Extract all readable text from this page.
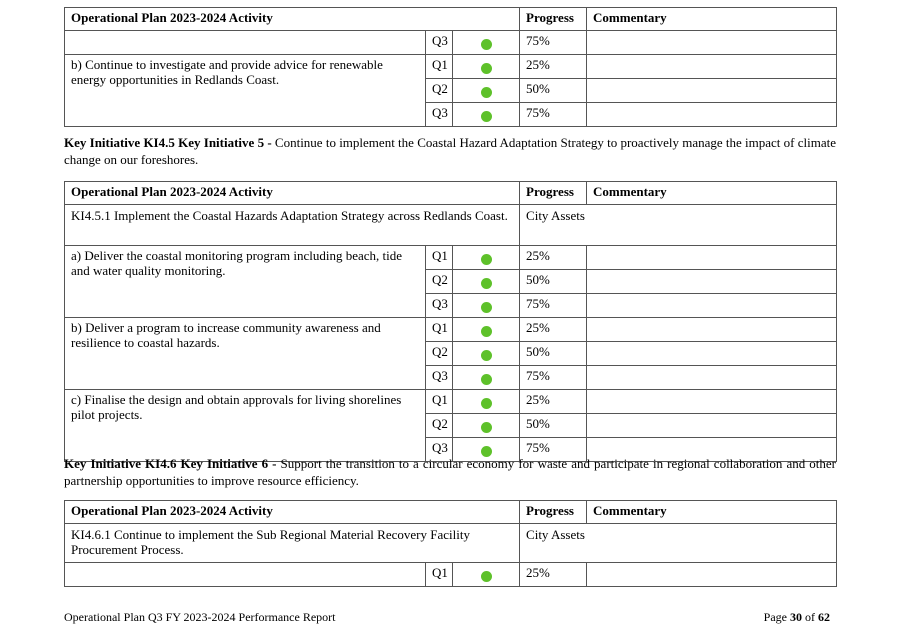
Operational Plan 2023-2024 Activity			Progress	Commentary
	Q3		75%	
b) Continue to investigate and provide advice for renewable energy opportunities in Redlands Coast.	Q1		25%	
	Q2		50%	
	Q3		75%	
Key Initiative KI4.5 Key Initiative 5 - Continue to implement the Coastal Hazard Adaptation Strategy to proactively manage the impact of climate change on our foreshores.
Operational Plan 2023-2024 Activity			Progress	Commentary
KI4.5.1 Implement the Coastal Hazards Adaptation Strategy across Redlands Coast.			City Assets	
a) Deliver the coastal monitoring program including beach, tide and water quality monitoring.	Q1		25%	
	Q2		50%	
	Q3		75%	
b) Deliver a program to increase community awareness and resilience to coastal hazards.	Q1		25%	
	Q2		50%	
	Q3		75%	
c) Finalise the design and obtain approvals for living shorelines pilot projects.	Q1		25%	
	Q2		50%	
	Q3		75%	
Key Initiative KI4.6 Key Initiative 6 - Support the transition to a circular economy for waste and participate in regional collaboration and other partnership opportunities to improve resource efficiency.
Operational Plan 2023-2024 Activity			Progress	Commentary
KI4.6.1 Continue to implement the Sub Regional Material Recovery Facility Procurement Process.			City Assets	
	Q1		25%	
Operational Plan Q3 FY 2023-2024 Performance Report	Page 30 of 62
